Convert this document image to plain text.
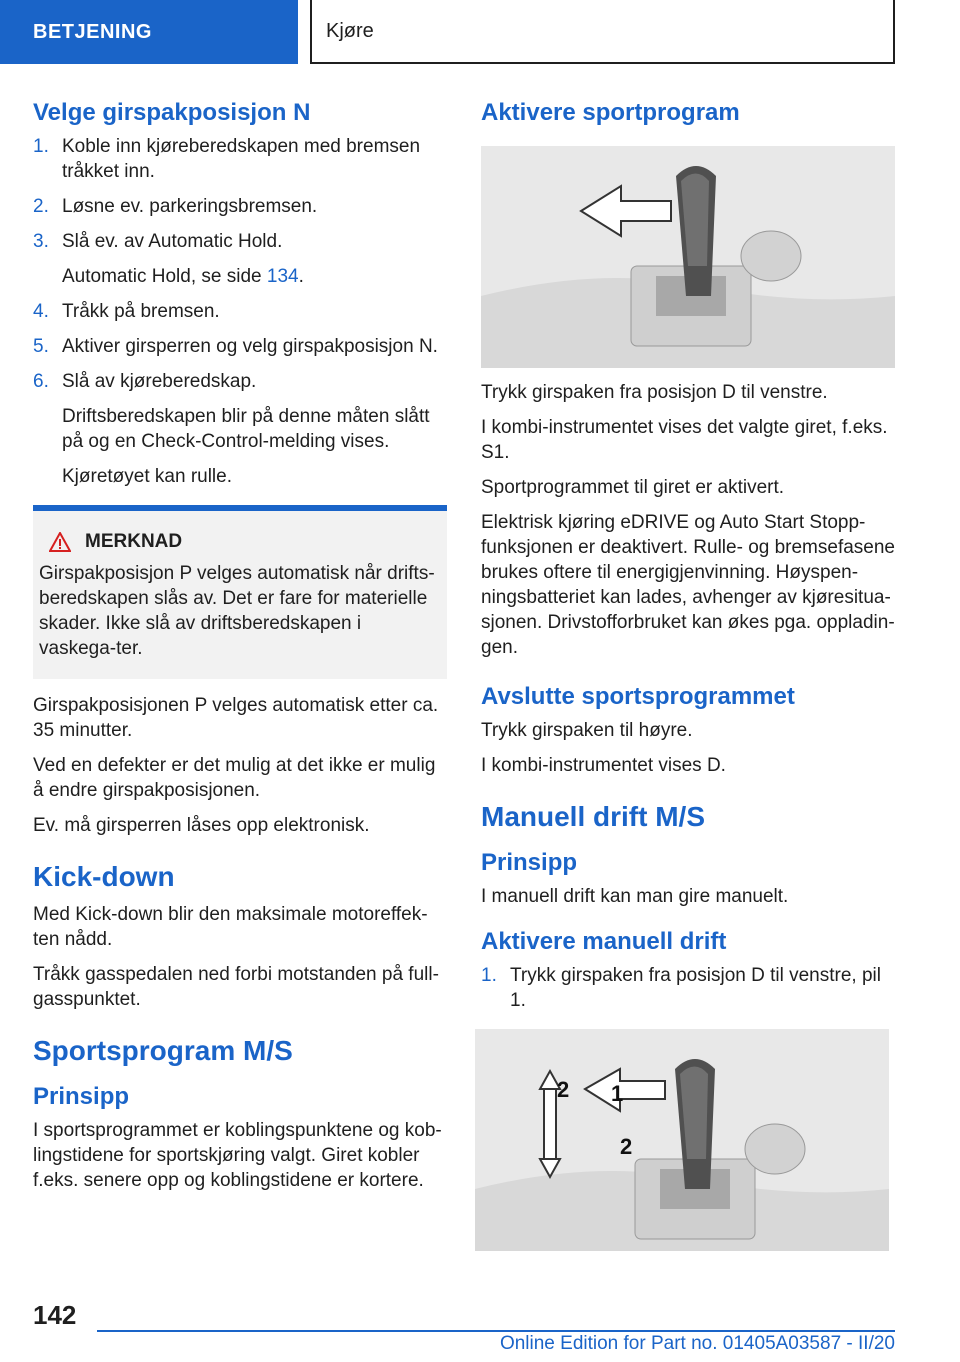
BETJENING	Kjøre
Velge girspakposisjon N
1. Koble inn kjøreberedskapen med bremsen tråkket inn.
2. Løsne ev. parkeringsbremsen.
3. Slå ev. av Automatic Hold.
Automatic Hold, se side 134.
4. Tråkk på bremsen.
5. Aktiver girsperren og velg girspakposisjon N.
6. Slå av kjøreberedskap.
Driftsberedskapen blir på denne måten slått på og en Check-Control-melding vises.
Kjøretøyet kan rulle.
MERKNAD

Girspakposisjon P velges automatisk når drifts-beredskapen slås av. Det er fare for materielle skader. Ikke slå av driftsberedskapen i vaskega-ter.

Girspakposisjonen P velges automatisk etter ca. 35 minutter.

Ved en defekter er det mulig at det ikke er mulig å endre girspakposisjonen.

Ev. må girsperren låses opp elektronisk.

Kick-down

Med Kick-down blir den maksimale motoreffek-ten nådd.

Tråkk gasspedalen ned forbi motstanden på full-gasspunktet.

Sportsprogram M/S
Prinsipp

I sportsprogrammet er koblingspunktene og kob-lingstidene for sportskjøring valgt. Giret kobler f.eks. senere opp og koblingstidene er kortere.

Aktivere sportprogram

Trykk girspaken fra posisjon D til venstre.

I kombi-instrumentet vises det valgte giret, f.eks. S1.

Sportprogrammet til giret er aktivert.

Elektrisk kjøring eDRIVE og Auto Start Stopp-funksjonen er deaktivert. Rulle- og bremsefasene brukes oftere til energigjenvinning. Høyspen-ningsbatteriet kan lades, avhenger av kjøresitua-sjonen. Drivstofforbruket kan økes pga. oppladin-gen.

Avslutte sportsprogrammet

Trykk girspaken til høyre.

I kombi-instrumentet vises D.

Manuell drift M/S
Prinsipp

I manuell drift kan man gire manuelt.

Aktivere manuell drift
1. Trykk girspaken fra posisjon D til venstre, pil 1.
1
2
2
142
Online Edition for Part no. 01405A03587 - II/20
